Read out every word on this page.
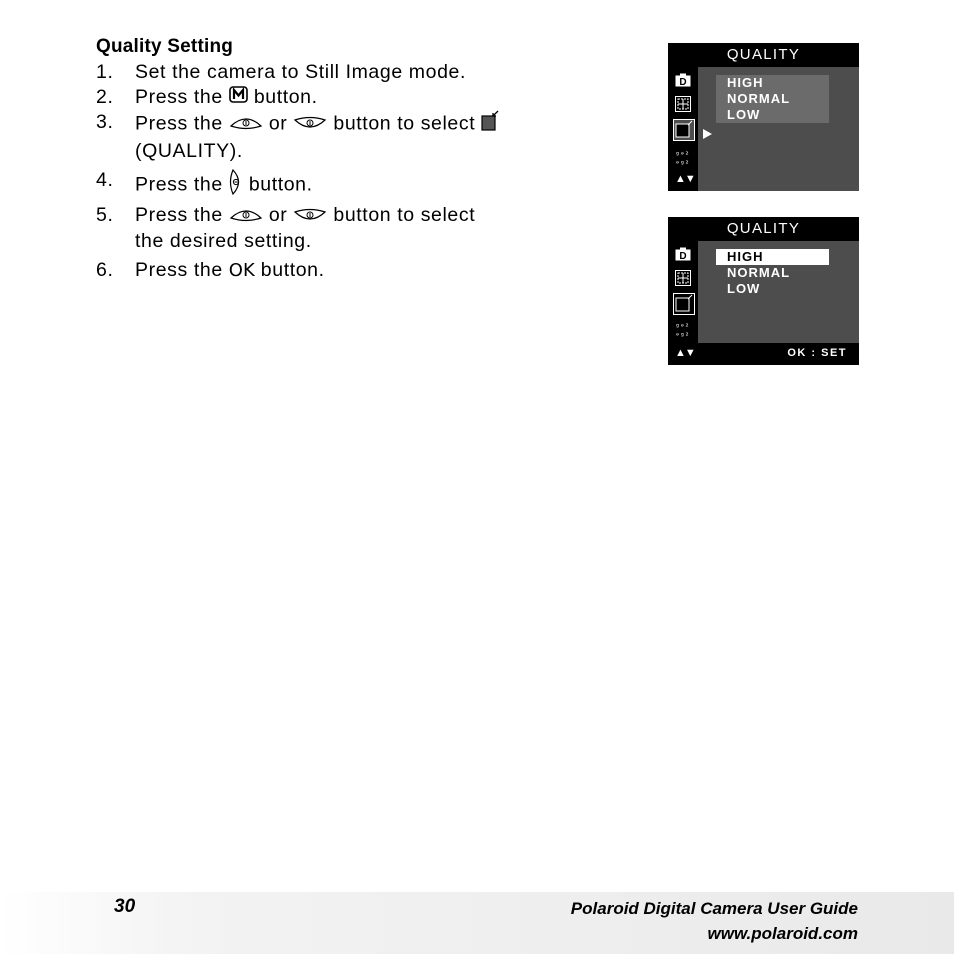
Quality Setting
1.	Set the camera to Still Image mode.
2.	Press the  button.
3.	Press the  or  button to select
(QUALITY).
4.	Press the  button.
5.	Press the  or  button to select
the desired setting.
6.	Press the OK button.
QUALITY
D
ᵍᵊ²
ᵊᵍ²
▲▼
HIGH
NORMAL
LOW
QUALITY
D
ᵍᵊ²
ᵊᵍ²
HIGH
NORMAL
LOW
▲▼	OK : SET
30	Polaroid Digital Camera User Guide
www.polaroid.com
